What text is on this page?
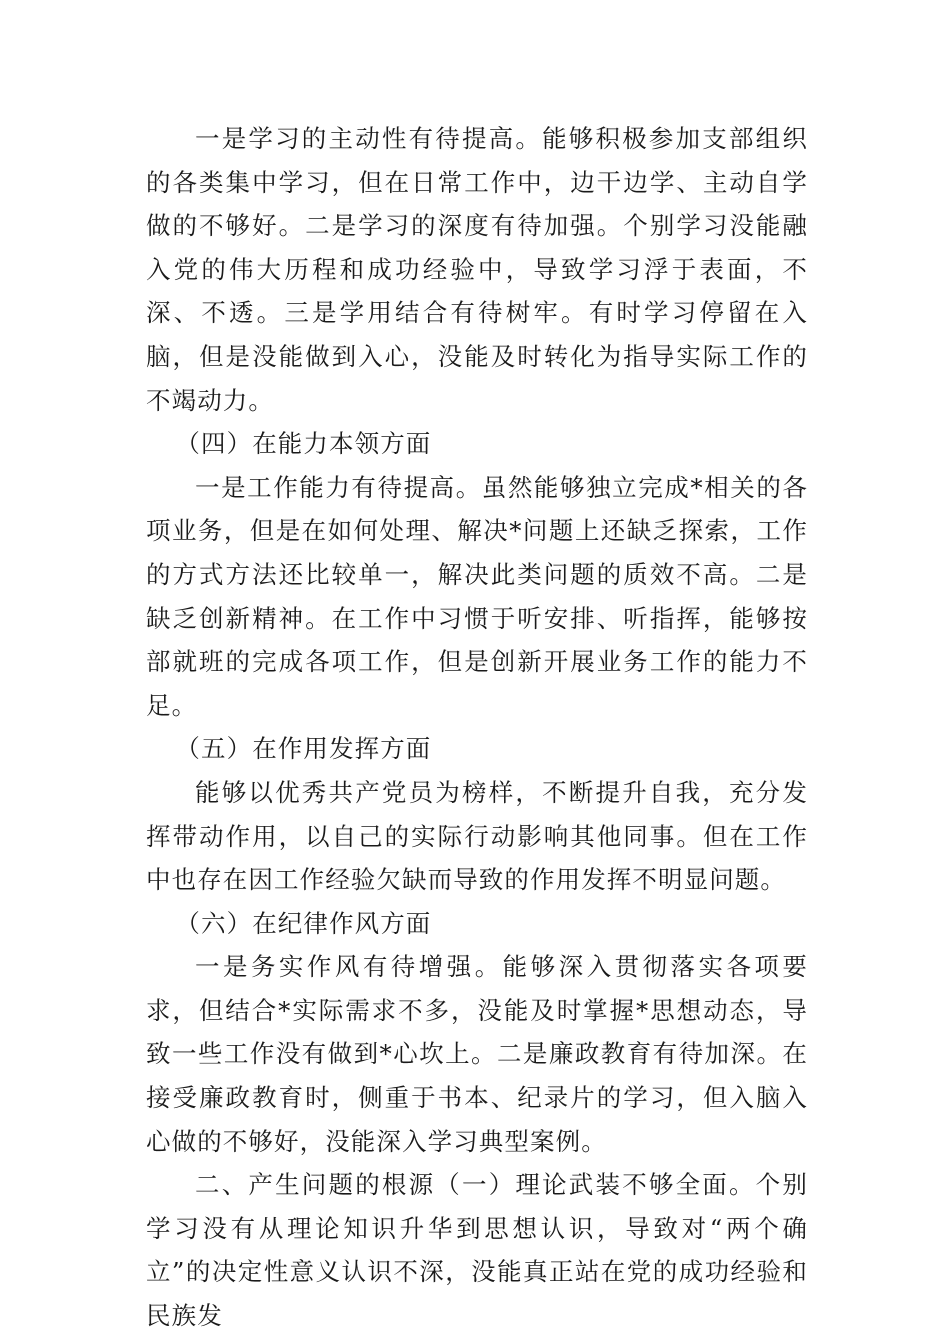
一是学习的主动性有待提高。能够积极参加支部组织的各类集中学习，但在日常工作中，边干边学、主动自学做的不够好。二是学习的深度有待加强。个别学习没能融入党的伟大历程和成功经验中，导致学习浮于表面，不深、不透。三是学用结合有待树牢。有时学习停留在入脑，但是没能做到入心，没能及时转化为指导实际工作的不竭动力。

（四）在能力本领方面

一是工作能力有待提高。虽然能够独立完成*相关的各项业务，但是在如何处理、解决*问题上还缺乏探索，工作的方式方法还比较单一，解决此类问题的质效不高。二是缺乏创新精神。在工作中习惯于听安排、听指挥，能够按部就班的完成各项工作，但是创新开展业务工作的能力不足。

（五）在作用发挥方面

能够以优秀共产党员为榜样，不断提升自我，充分发挥带动作用，以自己的实际行动影响其他同事。但在工作中也存在因工作经验欠缺而导致的作用发挥不明显问题。

（六）在纪律作风方面

一是务实作风有待增强。能够深入贯彻落实各项要求，但结合*实际需求不多，没能及时掌握*思想动态，导致一些工作没有做到*心坎上。二是廉政教育有待加深。在接受廉政教育时，侧重于书本、纪录片的学习，但入脑入心做的不够好，没能深入学习典型案例。

二、产生问题的根源（一）理论武装不够全面。个别学习没有从理论知识升华到思想认识，导致对“两个确立”的决定性意义认识不深，没能真正站在党的成功经验和民族发
